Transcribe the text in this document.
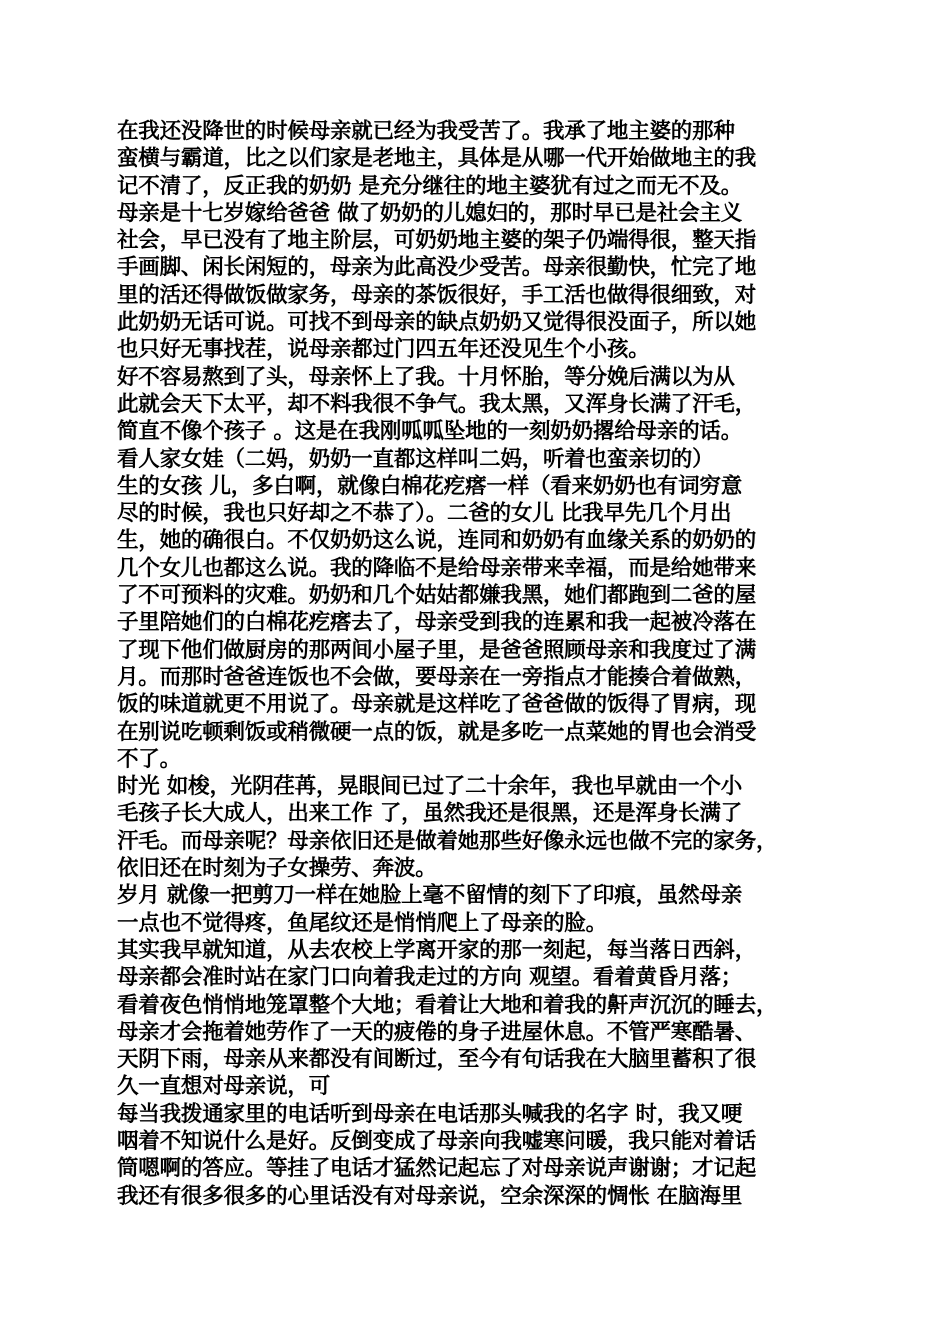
在我还没降世的时候母亲就已经为我受苦了。我承了地主婆的那种
蛮横与霸道，比之以们家是老地主，具体是从哪一代开始做地主的我
记不清了，反正我的奶奶 是充分继往的地主婆犹有过之而无不及。
母亲是十七岁嫁给爸爸 做了奶奶的儿媳妇的，那时早已是社会主义
社会，早已没有了地主阶层，可奶奶地主婆的架子仍端得很，整天指
手画脚、闲长闲短的，母亲为此高没少受苦。母亲很勤快，忙完了地
里的活还得做饭做家务，母亲的茶饭很好，手工活也做得很细致，对
此奶奶无话可说。可找不到母亲的缺点奶奶又觉得很没面子，所以她
也只好无事找茬，说母亲都过门四五年还没见生个小孩。
好不容易熬到了头，母亲怀上了我。十月怀胎，等分娩后满以为从
此就会天下太平，却不料我很不争气。我太黑，又浑身长满了汗毛，
简直不像个孩子 。这是在我刚呱呱坠地的一刻奶奶撂给母亲的话。
看人家女娃（二妈，奶奶一直都这样叫二妈，听着也蛮亲切的）
生的女孩 儿，多白啊，就像白棉花疙瘩一样（看来奶奶也有词穷意
尽的时候，我也只好却之不恭了）。二爸的女儿 比我早先几个月出
生，她的确很白。不仅奶奶这么说，连同和奶奶有血缘关系的奶奶的
几个女儿也都这么说。我的降临不是给母亲带来幸福，而是给她带来
了不可预料的灾难。奶奶和几个姑姑都嫌我黑，她们都跑到二爸的屋
子里陪她们的白棉花疙瘩去了，母亲受到我的连累和我一起被冷落在
了现下他们做厨房的那两间小屋子里，是爸爸照顾母亲和我度过了满
月。而那时爸爸连饭也不会做，要母亲在一旁指点才能揍合着做熟，
饭的味道就更不用说了。母亲就是这样吃了爸爸做的饭得了胃病，现
在别说吃顿剩饭或稍微硬一点的饭，就是多吃一点菜她的胃也会消受
不了。
时光 如梭，光阴荏苒，晃眼间已过了二十余年，我也早就由一个小
毛孩子长大成人，出来工作 了，虽然我还是很黑，还是浑身长满了
汗毛。而母亲呢？母亲依旧还是做着她那些好像永远也做不完的家务，
依旧还在时刻为子女操劳、奔波。
岁月 就像一把剪刀一样在她脸上毫不留情的刻下了印痕，虽然母亲
一点也不觉得疼，鱼尾纹还是悄悄爬上了母亲的脸。
其实我早就知道，从去农校上学离开家的那一刻起，每当落日西斜，
母亲都会准时站在家门口向着我走过的方向 观望。看着黄昏月落；
看着夜色悄悄地笼罩整个大地；看着让大地和着我的鼾声沉沉的睡去，
母亲才会拖着她劳作了一天的疲倦的身子进屋休息。不管严寒酷暑、
天阴下雨，母亲从来都没有间断过，至今有句话我在大脑里蓄积了很
久一直想对母亲说，可
每当我拨通家里的电话听到母亲在电话那头喊我的名字 时，我又哽
咽着不知说什么是好。反倒变成了母亲向我嘘寒问暖，我只能对着话
筒嗯啊的答应。等挂了电话才猛然记起忘了对母亲说声谢谢；才记起
我还有很多很多的心里话没有对母亲说，空余深深的惆怅 在脑海里
